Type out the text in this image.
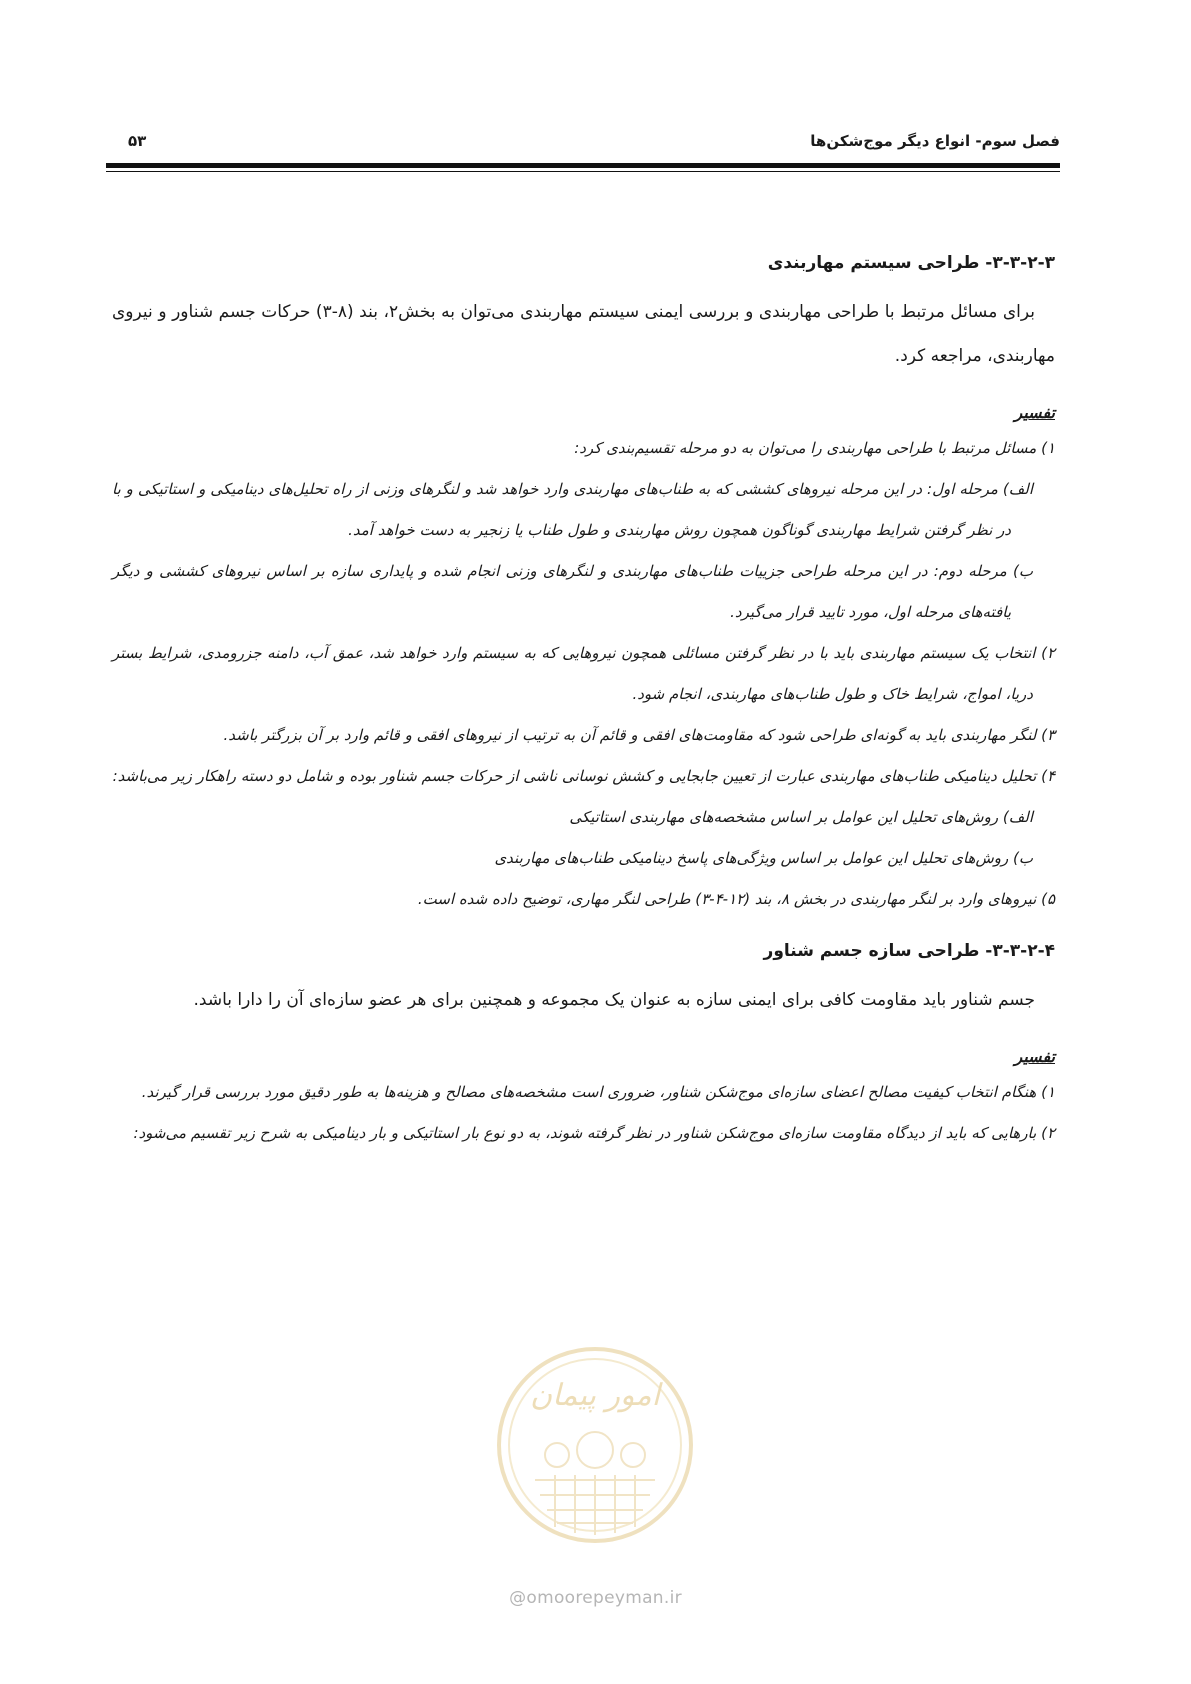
فصل سوم- انواع دیگر موج‌شکن‌ها
۵۳
۳-۳-۲-۳- طراحی سیستم مهاربندی

برای مسائل مرتبط با طراحی مهاربندی و بررسی ایمنی سیستم مهاربندی می‌توان به بخش۲، بند (۸-۳) حرکات جسم شناور و نیروی مهاربندی، مراجعه کرد.

تفسیر

۱) مسائل مرتبط با طراحی مهاربندی را می‌توان به دو مرحله تقسیم‌بندی کرد:

الف) مرحله اول: در این مرحله نیروهای کششی که به طناب‌های مهاربندی وارد خواهد شد و لنگرهای وزنی از راه تحلیل‌های دینامیکی و استاتیکی و با در نظر گرفتن شرایط مهاربندی گوناگون همچون روش مهاربندی و طول طناب یا زنجیر به دست خواهد آمد.

ب) مرحله دوم: در این مرحله طراحی جزییات طناب‌های مهاربندی و لنگرهای وزنی انجام شده و پایداری سازه بر اساس نیروهای کششی و دیگر یافته‌های مرحله اول، مورد تایید قرار می‌گیرد.

۲) انتخاب یک سیستم مهاربندی باید با در نظر گرفتن مسائلی همچون نیروهایی که به سیستم وارد خواهد شد، عمق آب، دامنه جزرومدی، شرایط بستر دریا، امواج، شرایط خاک و طول طناب‌های مهاربندی، انجام شود.

۳) لنگر مهاربندی باید به گونه‌ای طراحی شود که مقاومت‌های افقی و قائم آن به ترتیب از نیروهای افقی و قائم وارد بر آن بزرگتر باشد.

۴) تحلیل دینامیکی طناب‌های مهاربندی عبارت از تعیین جابجایی و کشش نوسانی ناشی از حرکات جسم شناور بوده و شامل دو دسته راهکار زیر می‌باشد:

الف) روش‌های تحلیل این عوامل بر اساس مشخصه‌های مهاربندی استاتیکی

ب) روش‌های تحلیل این عوامل بر اساس ویژگی‌های پاسخ دینامیکی طناب‌های مهاربندی

۵) نیروهای وارد بر لنگر مهاربندی در بخش ۸، بند (۱۲-۴-۳) طراحی لنگر مهاری، توضیح داده شده است.

۳-۳-۲-۴- طراحی سازه جسم شناور

جسم شناور باید مقاومت کافی برای ایمنی سازه به عنوان یک مجموعه و همچنین برای هر عضو سازه‌ای آن را دارا باشد.

تفسیر

۱) هنگام انتخاب کیفیت مصالح اعضای سازه‌ای موج‌شکن شناور، ضروری است مشخصه‌های مصالح و هزینه‌ها به طور دقیق مورد بررسی قرار گیرند.

۲) بارهایی که باید از دیدگاه مقاومت سازه‌ای موج‌شکن شناور در نظر گرفته شوند، به دو نوع بار استاتیکی و بار دینامیکی به شرح زیر تقسیم می‌شود:

امور پیمان
@omoorepeyman.ir
